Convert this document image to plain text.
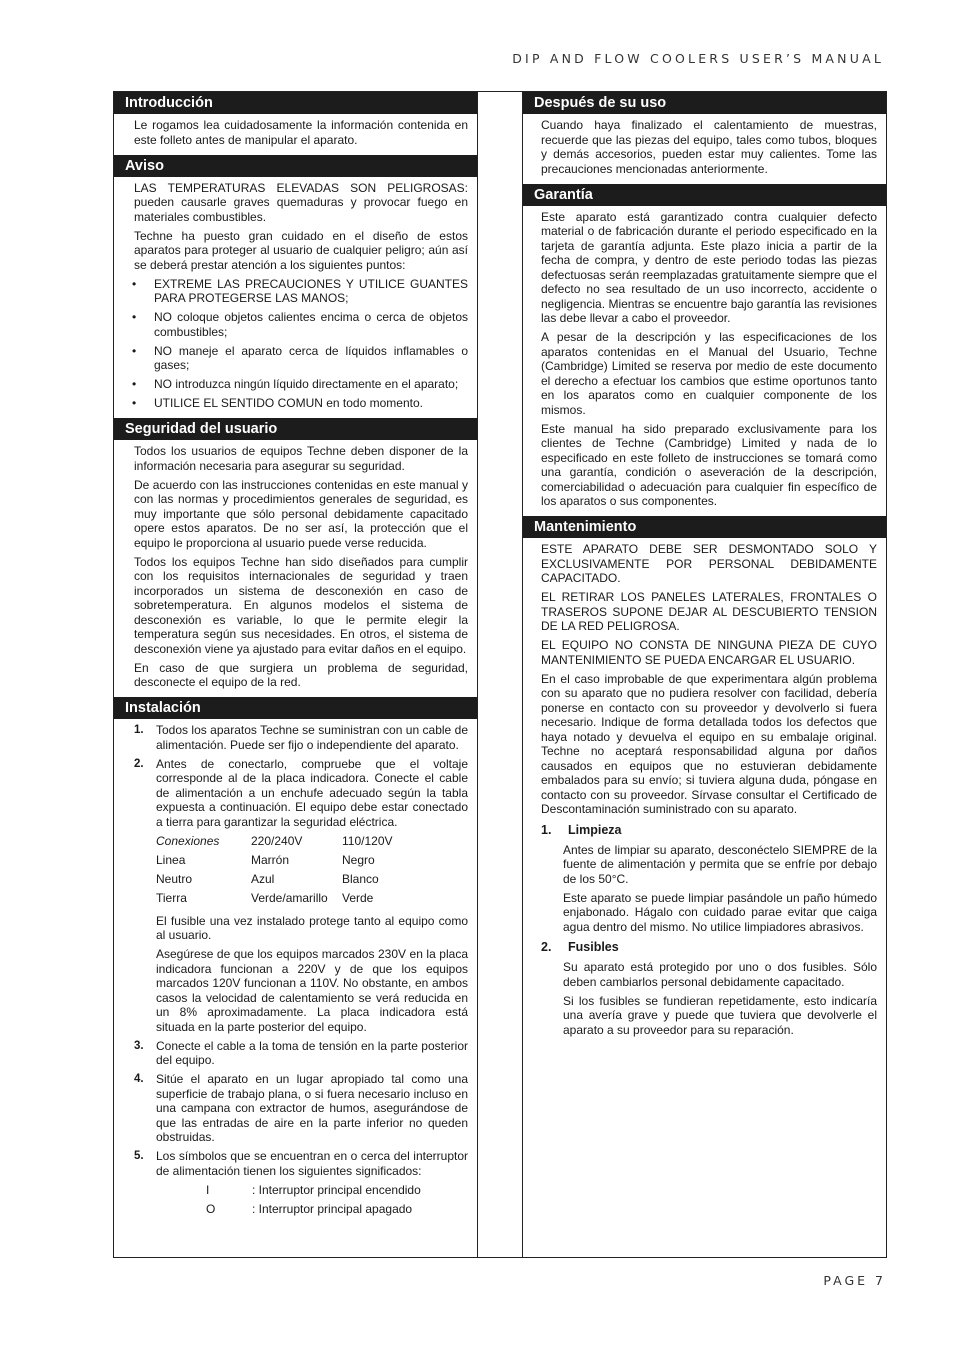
DIP AND FLOW COOLERS USER’S MANUAL
Introducción

Le rogamos lea cuidadosamente la información contenida en este folleto antes de manipular el aparato.

Aviso

LAS TEMPERATURAS ELEVADAS SON PELIGROSAS: pueden causarle graves quemaduras y provocar fuego en materiales combustibles.

Techne ha puesto gran cuidado en el diseño de estos aparatos para proteger al usuario de cualquier peligro; aún así se deberá prestar atención a los siguientes puntos:

• EXTREME LAS PRECAUCIONES Y UTILICE GUANTES PARA PROTEGERSE LAS MANOS;
• NO coloque objetos calientes encima o cerca de objetos combustibles;
• NO maneje el aparato cerca de líquidos inflamables o gases;
• NO introduzca ningún líquido directamente en el aparato;
• UTILICE EL SENTIDO COMUN en todo momento.
Seguridad del usuario

Todos los usuarios de equipos Techne deben disponer de la información necesaria para asegurar su seguridad.

De acuerdo con las instrucciones contenidas en este manual y con las normas y procedimientos generales de seguridad, es muy importante que sólo personal debidamente capacitado opere estos aparatos. De no ser así, la protección que el equipo le proporciona al usuario puede verse reducida.

Todos los equipos Techne han sido diseñados para cumplir con los requisitos internacionales de seguridad y traen incorporados un sistema de desconexión en caso de sobretemperatura. En algunos modelos el sistema de desconexión es variable, lo que le permite elegir la temperatura según sus necesidades. En otros, el sistema de desconexión viene ya ajustado para evitar daños en el equipo.

En caso de que surgiera un problema de seguridad, desconecte el equipo de la red.

Instalación
1. Todos los aparatos Techne se suministran con un cable de alimentación. Puede ser fijo o independiente del aparato.

2. Antes de conectarlo, compruebe que el voltaje corresponde al de la placa indicadora. Conecte el cable de alimentación a un enchufe adecuado según la tabla expuesta a continuación. El equipo debe estar conectado a tierra para garantizar la seguridad eléctrica.

Conexiones	220/240V	110/120V
Linea	Marrón	Negro
Neutro	Azul	Blanco
Tierra	Verde/amarillo	Verde

El fusible una vez instalado protege tanto al equipo como al usuario.

Asegúrese de que los equipos marcados 230V en la placa indicadora funcionan a 220V y de que los equipos marcados 120V funcionan a 110V. No obstante, en ambos casos la velocidad de calentamiento se verá reducida en un 8% aproximadamente. La placa indicadora está situada en la parte posterior del equipo.

3. Conecte el cable a la toma de tensión en la parte posterior del equipo.

4. Sitúe el aparato en un lugar apropiado tal como una superficie de trabajo plana, o si fuera necesario incluso en una campana con extractor de humos, asegurándose de que las entradas de aire en la parte inferior no queden obstruidas.

5. Los símbolos que se encuentran en o cerca del interruptor de alimentación tienen los siguientes significados:

I	: Interruptor principal encendido
O	: Interruptor principal apagado
Después de su uso

Cuando haya finalizado el calentamiento de muestras, recuerde que las piezas del equipo, tales como tubos, bloques y demás accesorios, pueden estar muy calientes. Tome las precauciones mencionadas anteriormente.

Garantía

Este aparato está garantizado contra cualquier defecto material o de fabricación durante el periodo especificado en la tarjeta de garantía adjunta. Este plazo inicia a partir de la fecha de compra, y dentro de este periodo todas las piezas defectuosas serán reemplazadas gratuitamente siempre que el defecto no sea resultado de un uso incorrecto, accidente o negligencia. Mientras se encuentre bajo garantía las revisiones las debe llevar a cabo el proveedor.

A pesar de la descripción y las especificaciones de los aparatos contenidas en el Manual del Usuario, Techne (Cambridge) Limited se reserva por medio de este documento el derecho a efectuar los cambios que estime oportunos tanto en los aparatos como en cualquier componente de los mismos.

Este manual ha sido preparado exclusivamente para los clientes de Techne (Cambridge) Limited y nada de lo especificado en este folleto de instrucciones se tomará como una garantía, condición o aseveración de la descripción, comerciabilidad o adecuación para cualquier fin específico de los aparatos o sus componentes.

Mantenimiento

ESTE APARATO DEBE SER DESMONTADO SOLO Y EXCLUSIVAMENTE POR PERSONAL DEBIDAMENTE CAPACITADO.

EL RETIRAR LOS PANELES LATERALES, FRONTALES O TRASEROS SUPONE DEJAR AL DESCUBIERTO TENSION DE LA RED PELIGROSA.

EL EQUIPO NO CONSTA DE NINGUNA PIEZA DE CUYO MANTENIMIENTO SE PUEDA ENCARGAR EL USUARIO.

En el caso improbable de que experimentara algún problema con su aparato que no pudiera resolver con facilidad, debería ponerse en contacto con su proveedor y devolverlo si fuera necesario. Indique de forma detallada todos los defectos que haya notado y devuelva el equipo en su embalaje original. Techne no aceptará responsabilidad alguna por daños causados en equipos que no estuvieran debidamente embalados para su envío; si tuviera alguna duda, póngase en contacto con su proveedor. Sírvase consultar el Certificado de Descontaminación suministrado con su aparato.

1. Limpieza

Antes de limpiar su aparato, desconéctelo SIEMPRE de la fuente de alimentación y permita que se enfríe por debajo de los 50°C.

Este aparato se puede limpiar pasándole un paño húmedo enjabonado. Hágalo con cuidado parae evitar que caiga agua dentro del mismo. No utilice limpiadores abrasivos.

2. Fusibles

Su aparato está protegido por uno o dos fusibles. Sólo deben cambiarlos personal debidamente capacitado.

Si los fusibles se fundieran repetidamente, esto indicaría una avería grave y puede que tuviera que devolverle el aparato a su proveedor para su reparación.

PAGE 7
